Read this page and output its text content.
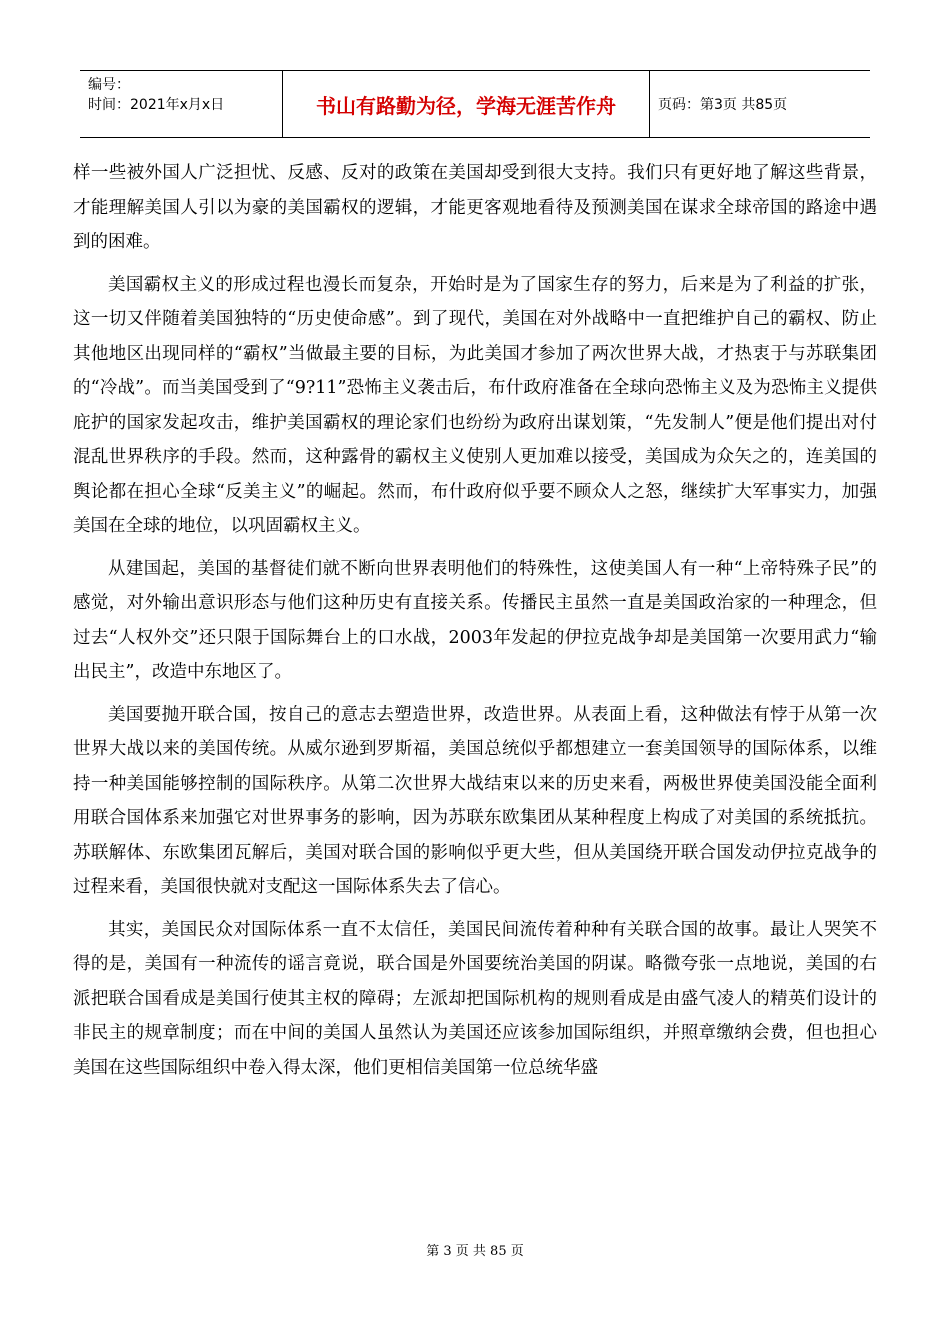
编号：
时间：2021年x月x日	书山有路勤为径，学海无涯苦作舟	页码：第3页 共85页

样一些被外国人广泛担忧、反感、反对的政策在美国却受到很大支持。我们只有更好地了解这些背景，才能理解美国人引以为豪的美国霸权的逻辑，才能更客观地看待及预测美国在谋求全球帝国的路途中遇到的困难。

美国霸权主义的形成过程也漫长而复杂，开始时是为了国家生存的努力，后来是为了利益的扩张，这一切又伴随着美国独特的“历史使命感”。到了现代，美国在对外战略中一直把维护自己的霸权、防止其他地区出现同样的“霸权”当做最主要的目标，为此美国才参加了两次世界大战，才热衷于与苏联集团的“冷战”。而当美国受到了“9?11”恐怖主义袭击后，布什政府准备在全球向恐怖主义及为恐怖主义提供庇护的国家发起攻击，维护美国霸权的理论家们也纷纷为政府出谋划策，“先发制人”便是他们提出对付混乱世界秩序的手段。然而，这种露骨的霸权主义使别人更加难以接受，美国成为众矢之的，连美国的舆论都在担心全球“反美主义”的崛起。然而，布什政府似乎要不顾众人之怒，继续扩大军事实力，加强美国在全球的地位，以巩固霸权主义。

从建国起，美国的基督徒们就不断向世界表明他们的特殊性，这使美国人有一种“上帝特殊子民”的感觉，对外输出意识形态与他们这种历史有直接关系。传播民主虽然一直是美国政治家的一种理念，但过去“人权外交”还只限于国际舞台上的口水战，2003年发起的伊拉克战争却是美国第一次要用武力“输出民主”，改造中东地区了。

美国要抛开联合国，按自己的意志去塑造世界，改造世界。从表面上看，这种做法有悖于从第一次世界大战以来的美国传统。从威尔逊到罗斯福，美国总统似乎都想建立一套美国领导的国际体系，以维持一种美国能够控制的国际秩序。从第二次世界大战结束以来的历史来看，两极世界使美国没能全面利用联合国体系来加强它对世界事务的影响，因为苏联东欧集团从某种程度上构成了对美国的系统抵抗。苏联解体、东欧集团瓦解后，美国对联合国的影响似乎更大些，但从美国绕开联合国发动伊拉克战争的过程来看，美国很快就对支配这一国际体系失去了信心。

其实，美国民众对国际体系一直不太信任，美国民间流传着种种有关联合国的故事。最让人哭笑不得的是，美国有一种流传的谣言竟说，联合国是外国要统治美国的阴谋。略微夸张一点地说，美国的右派把联合国看成是美国行使其主权的障碍；左派却把国际机构的规则看成是由盛气凌人的精英们设计的非民主的规章制度；而在中间的美国人虽然认为美国还应该参加国际组织，并照章缴纳会费，但也担心美国在这些国际组织中卷入得太深，他们更相信美国第一位总统华盛

第 3 页 共 85 页
